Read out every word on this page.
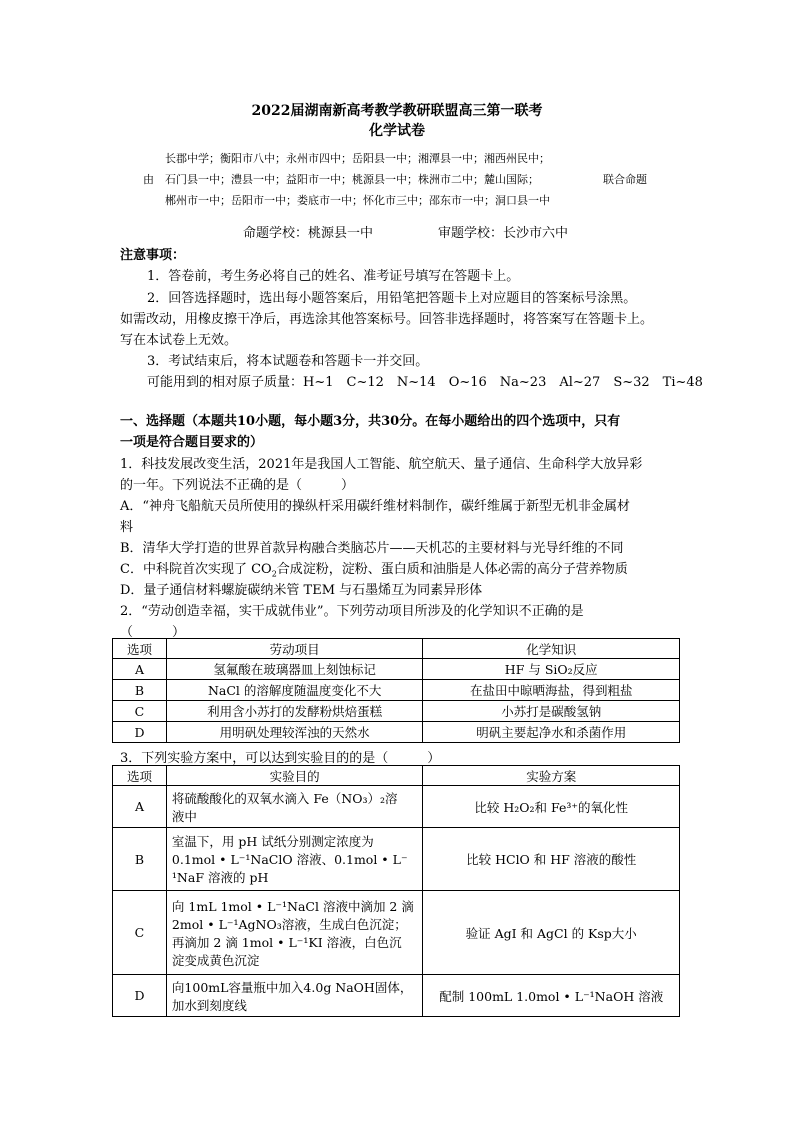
2022届湖南新高考教学教研联盟高三第一联考
化学试卷
长郡中学；衡阳市八中；永州市四中；岳阳县一中；湘潭县一中；湘西州民中；
由 石门县一中；澧县一中；益阳市一中；桃源县一中；株洲市二中；麓山国际；	联合命题
郴州市一中；岳阳市一中；娄底市一中；怀化市三中；邵东市一中；洞口县一中
命题学校：桃源县一中	审题学校：长沙市六中
注意事项：
1．答卷前，考生务必将自己的姓名、准考证号填写在答题卡上。
2．回答选择题时，选出每小题答案后，用铅笔把答题卡上对应题目的答案标号涂黑。
如需改动，用橡皮擦干净后，再选涂其他答案标号。回答非选择题时，将答案写在答题卡上。
写在本试卷上无效。
3．考试结束后，将本试题卷和答题卡一并交回。
可能用到的相对原子质量：H~1　C~12　N~14　O~16　Na~23　Al~27　S~32　Ti~48
一、选择题（本题共10小题，每小题3分，共30分。在每小题给出的四个选项中，只有
一项是符合题目要求的）
1．科技发展改变生活，2021年是我国人工智能、航空航天、量子通信、生命科学大放异彩
的一年。下列说法不正确的是（　　　）
A．“神舟飞船航天员所使用的操纵杆采用碳纤维材料制作，碳纤维属于新型无机非金属材
料
B．清华大学打造的世界首款异构融合类脑芯片——天机芯的主要材料与光导纤维的不同
C．中科院首次实现了 $CO_2$合成淀粉，淀粉、蛋白质和油脂是人体必需的高分子营养物质
D．量子通信材料螺旋碳纳米管 TEM 与石墨烯互为同素异形体
2．“劳动创造幸福，实干成就伟业”。下列劳动项目所涉及的化学知识不正确的是
（　　　）
选项	劳动项目	化学知识
A	氢氟酸在玻璃器皿上刻蚀标记	HF 与 SiO₂反应
B	NaCl 的溶解度随温度变化不大	在盐田中晾晒海盐，得到粗盐
C	利用含小苏打的发酵粉烘焙蛋糕	小苏打是碳酸氢钠
D	用明矾处理较浑浊的天然水	明矾主要起净水和杀菌作用
3．下列实验方案中，可以达到实验目的的是（　　　）
选项	实验目的	实验方案
A	将硫酸酸化的双氧水滴入 Fe（NO₃）₂溶
液中	比较 H₂O₂和 Fe³⁺的氧化性
B	室温下，用 pH 试纸分别测定浓度为
0.1mol • L⁻¹NaClO 溶液、0.1mol • L⁻
¹NaF 溶液的 pH	比较 HClO 和 HF 溶液的酸性
C	向 1mL 1mol • L⁻¹NaCl 溶液中滴加 2 滴
2mol • L⁻¹AgNO₃溶液，生成白色沉淀；
再滴加 2 滴 1mol • L⁻¹KI 溶液，白色沉
淀变成黄色沉淀	验证 AgI 和 AgCl 的 Ksp大小
D	向100mL容量瓶中加入4.0g NaOH固体，
加水到刻度线	配制 100mL 1.0mol • L⁻¹NaOH 溶液
